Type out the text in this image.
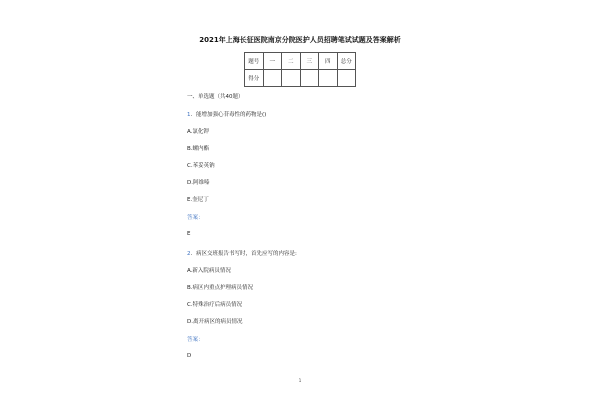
2021年上海长征医院南京分院医护人员招聘笔试试题及答案解析
题号	一	二	三	四	总分
得分					
一、单选题（共40题）
1．能增加强心苷毒性的药物是()
A.氯化钾
B.螺内酯
C.苯妥英钠
D.阿维嗪
E.奎尼丁
答案：
E
2．病区交班报告书写时，首先应写的内容是:
A.新入院病员情况
B.病区内重点护理病员情况
C.特殊治疗后病员情况
D.离开病区的病员情况
答案：
D
1
